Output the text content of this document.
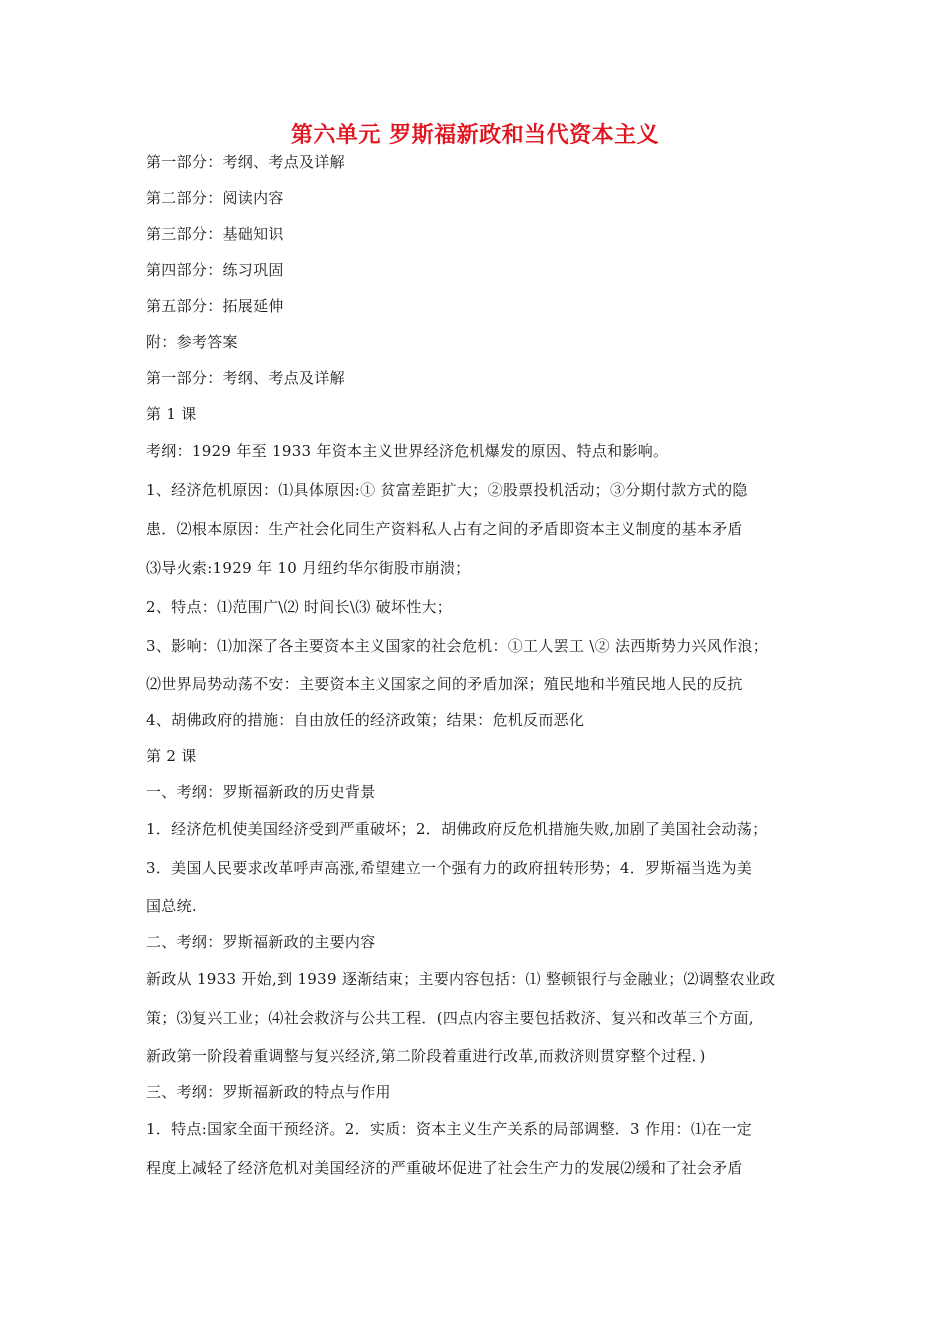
第六单元 罗斯福新政和当代资本主义
第一部分：考纲、考点及详解
第二部分：阅读内容
第三部分：基础知识
第四部分：练习巩固
第五部分：拓展延伸
附：参考答案
第一部分：考纲、考点及详解
第 1 课
考纲：1929 年至 1933 年资本主义世界经济危机爆发的原因、特点和影响。
1、经济危机原因：⑴具体原因:① 贫富差距扩大；②股票投机活动；③分期付款方式的隐
患．⑵根本原因：生产社会化同生产资料私人占有之间的矛盾即资本主义制度的基本矛盾
⑶导火索:1929 年 10 月纽约华尔街股市崩溃；
2、特点：⑴范围广\⑵ 时间长\⑶ 破坏性大；
3、影响：⑴加深了各主要资本主义国家的社会危机：①工人罢工 \② 法西斯势力兴风作浪；
⑵世界局势动荡不安：主要资本主义国家之间的矛盾加深；殖民地和半殖民地人民的反抗
4、胡佛政府的措施：自由放任的经济政策；结果：危机反而恶化
第 2 课
一、考纲：罗斯福新政的历史背景
1．经济危机使美国经济受到严重破坏；2．胡佛政府反危机措施失败,加剧了美国社会动荡；
3．美国人民要求改革呼声高涨,希望建立一个强有力的政府扭转形势；4．罗斯福当选为美
国总统.
二、考纲：罗斯福新政的主要内容
新政从 1933 开始,到 1939 逐渐结束；主要内容包括：⑴ 整顿银行与金融业；⑵调整农业政
策；⑶复兴工业；⑷社会救济与公共工程．(四点内容主要包括救济、复兴和改革三个方面,
新政第一阶段着重调整与复兴经济,第二阶段着重进行改革,而救济则贯穿整个过程．)
三、考纲：罗斯福新政的特点与作用
1．特点:国家全面干预经济。2．实质：资本主义生产关系的局部调整．3 作用：⑴在一定
程度上减轻了经济危机对美国经济的严重破坏促进了社会生产力的发展⑵缓和了社会矛盾
